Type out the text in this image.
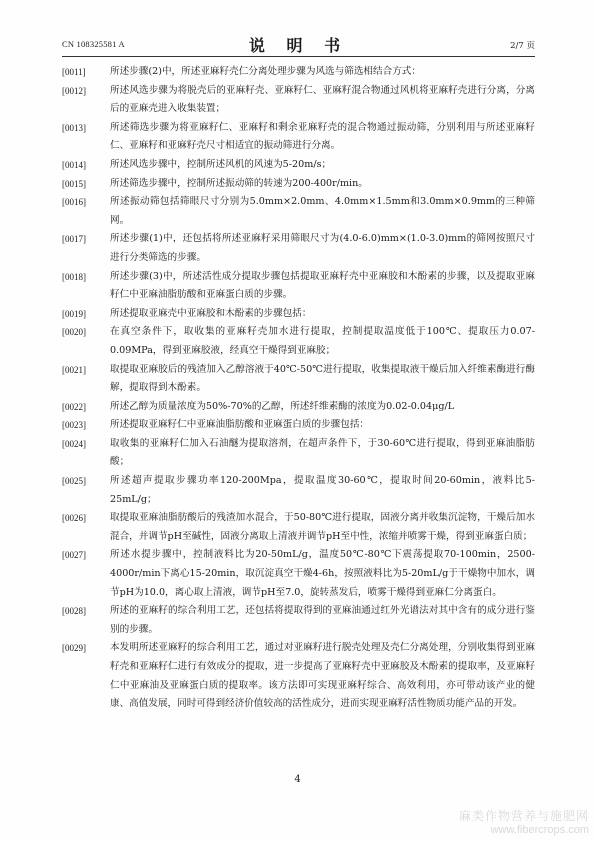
CN 108325581 A	说 明 书	2/7 页
[0011]	所述步骤(2)中，所述亚麻籽壳仁分离处理步骤为风选与筛选相结合方式：
[0012]	所述风选步骤为将脱壳后的亚麻籽壳、亚麻籽仁、亚麻籽混合物通过风机将亚麻籽壳进行分离，分离后的亚麻壳进入收集装置；
[0013]	所述筛选步骤为将亚麻籽仁、亚麻籽和剩余亚麻籽壳的混合物通过振动筛，分别利用与所述亚麻籽仁、亚麻籽和亚麻籽壳尺寸相适宜的振动筛进行分离。
[0014]	所述风选步骤中，控制所述风机的风速为5-20m/s；
[0015]	所述筛选步骤中，控制所述振动筛的转速为200-400r/min。
[0016]	所述振动筛包括筛眼尺寸分别为5.0mm×2.0mm、4.0mm×1.5mm和3.0mm×0.9mm的三种筛网。
[0017]	所述步骤(1)中，还包括将所述亚麻籽采用筛眼尺寸为(4.0-6.0)mm×(1.0-3.0)mm的筛网按照尺寸进行分类筛选的步骤。
[0018]	所述步骤(3)中，所述活性成分提取步骤包括提取亚麻籽壳中亚麻胶和木酚素的步骤，以及提取亚麻籽仁中亚麻油脂肪酸和亚麻蛋白质的步骤。
[0019]	所述提取亚麻壳中亚麻胶和木酚素的步骤包括：
[0020]	在真空条件下，取收集的亚麻籽壳加水进行提取，控制提取温度低于100℃、提取压力0.07-0.09MPa，得到亚麻胶液，经真空干燥得到亚麻胶；
[0021]	取提取亚麻胶后的残渣加入乙醇溶液于40℃-50℃进行提取，收集提取液干燥后加入纤维素酶进行酶解，提取得到木酚素。
[0022]	所述乙醇为质量浓度为50%-70%的乙醇，所述纤维素酶的浓度为0.02-0.04μg/L
[0023]	所述提取亚麻籽仁中亚麻油脂肪酸和亚麻蛋白质的步骤包括：
[0024]	取收集的亚麻籽仁加入石油醚为提取溶剂，在超声条件下，于30-60℃进行提取，得到亚麻油脂肪酸；
[0025]	所述超声提取步骤功率120-200Mpa，提取温度30-60℃，提取时间20-60min，液料比5-25mL/g；
[0026]	取提取亚麻油脂肪酸后的残渣加水混合，于50-80℃进行提取，固液分离并收集沉淀物，干燥后加水混合，并调节pH至碱性，固液分离取上清液并调节pH至中性，浓缩并喷雾干燥，得到亚麻蛋白质；
[0027]	所述水提步骤中，控制液料比为20-50mL/g，温度50℃-80℃下震荡提取70-100min，2500-4000r/min下离心15-20min，取沉淀真空干燥4-6h，按照液料比为5-20mL/g于干燥物中加水，调节pH为10.0，离心取上清液，调节pH至7.0，旋转蒸发后，喷雾干燥得到亚麻仁分离蛋白。
[0028]	所述的亚麻籽的综合利用工艺，还包括将提取得到的亚麻油通过红外光谱法对其中含有的成分进行鉴别的步骤。
[0029]	本发明所述亚麻籽的综合利用工艺，通过对亚麻籽进行脱壳处理及壳仁分离处理，分别收集得到亚麻籽壳和亚麻籽仁进行有效成分的提取，进一步提高了亚麻籽壳中亚麻胶及木酚素的提取率，及亚麻籽仁中亚麻油及亚麻蛋白质的提取率。该方法即可实现亚麻籽综合、高效利用，亦可带动该产业的健康、高值发展，同时可得到经济价值较高的活性成分，进而实现亚麻籽活性物质功能产品的开发。
4
麻类作物营养与施肥网
www.fibercrops.com
